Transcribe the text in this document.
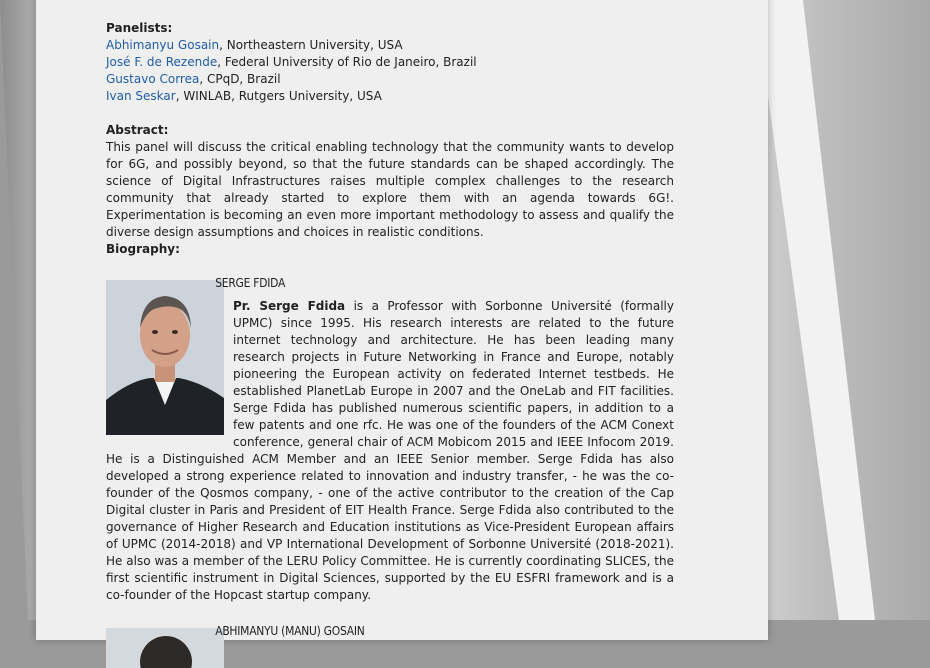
Panelists:
Abhimanyu Gosain, Northeastern University, USA
José F. de Rezende, Federal University of Rio de Janeiro, Brazil
Gustavo Correa, CPqD, Brazil
Ivan Seskar, WINLAB, Rutgers University, USA
Abstract:
This panel will discuss the critical enabling technology that the community wants to develop for 6G, and possibly beyond, so that the future standards can be shaped accordingly. The science of Digital Infrastructures raises multiple complex challenges to the research community that already started to explore them with an agenda towards 6G!. Experimentation is becoming an even more important methodology to assess and qualify the diverse design assumptions and choices in realistic conditions.
Biography:
SERGE FDIDA
Pr. Serge Fdida is a Professor with Sorbonne Université (formally UPMC) since 1995. His research interests are related to the future internet technology and architecture. He has been leading many research projects in Future Networking in France and Europe, notably pioneering the European activity on federated Internet testbeds. He established PlanetLab Europe in 2007 and the OneLab and FIT facilities. Serge Fdida has published numerous scientific papers, in addition to a few patents and one rfc. He was one of the founders of the ACM Conext conference, general chair of ACM Mobicom 2015 and IEEE Infocom 2019. He is a Distinguished ACM Member and an IEEE Senior member. Serge Fdida has also developed a strong experience related to innovation and industry transfer, - he was the co-founder of the Qosmos company, - one of the active contributor to the creation of the Cap Digital cluster in Paris and President of EIT Health France. Serge Fdida also contributed to the governance of Higher Research and Education institutions as Vice-President European affairs of UPMC (2014-2018) and VP International Development of Sorbonne Université (2018-2021). He also was a member of the LERU Policy Committee. He is currently coordinating SLICES, the first scientific instrument in Digital Sciences, supported by the EU ESFRI framework and is a co-founder of the Hopcast startup company.
ABHIMANYU (MANU) GOSAIN
